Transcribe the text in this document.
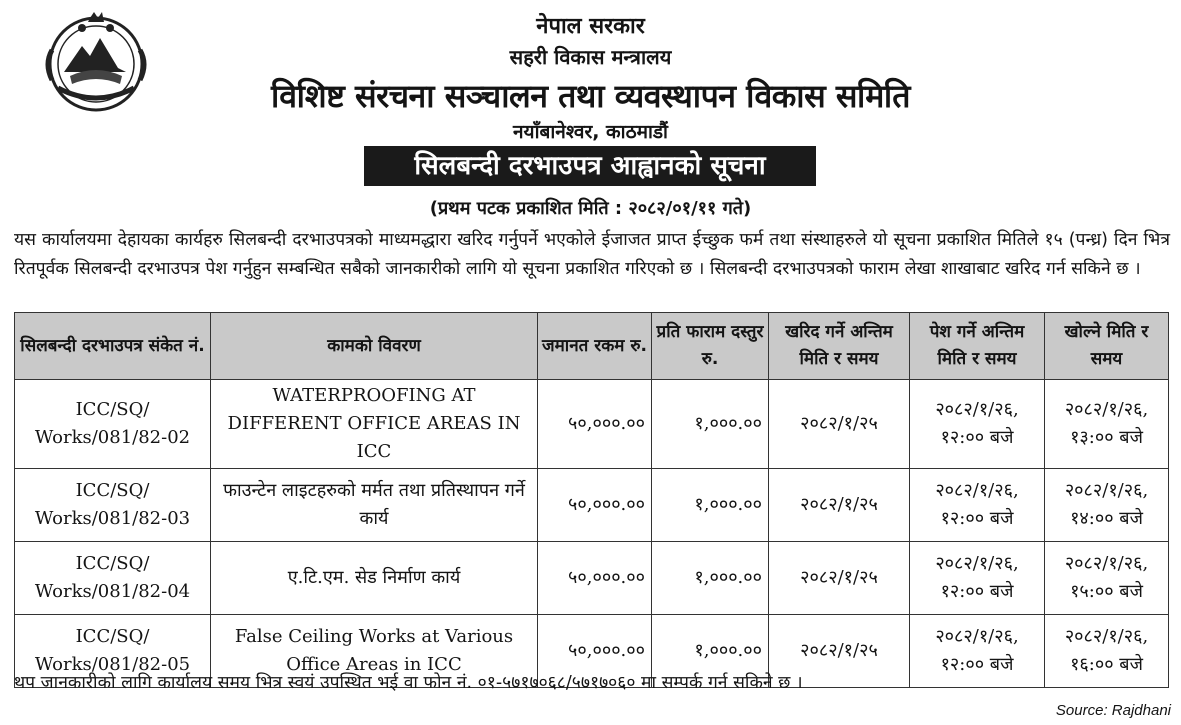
नेपाल सरकार
सहरी विकास मन्त्रालय
विशिष्ट संरचना सञ्चालन तथा व्यवस्थापन विकास समिति
नयाँबानेश्वर, काठमाडौं
सिलबन्दी दरभाउपत्र आह्वानको सूचना
(प्रथम पटक प्रकाशित मिति : २०८२/०१/११ गते)
यस कार्यालयमा देहायका कार्यहरु सिलबन्दी दरभाउपत्रको माध्यमद्धारा खरिद गर्नुपर्ने भएकोले ईजाजत प्राप्त ईच्छुक फर्म तथा संस्थाहरुले यो सूचना प्रकाशित मितिले १५ (पन्ध्र) दिन भित्र रितपूर्वक सिलबन्दी दरभाउपत्र पेश गर्नुहुन सम्बन्धित सबैको जानकारीको लागि यो सूचना प्रकाशित गरिएको छ । सिलबन्दी दरभाउपत्रको फाराम लेखा शाखाबाट खरिद गर्न सकिने छ ।
सिलबन्दी दरभाउपत्र संकेत नं.	कामको विवरण	जमानत रकम रु.	प्रति फाराम दस्तुर रु.	खरिद गर्ने अन्तिम मिति र समय	पेश गर्ने अन्तिम मिति र समय	खोल्ने मिति र समय
ICC/SQ/ Works/081/82-02	WATERPROOFING AT DIFFERENT OFFICE AREAS IN ICC	५०,०००.००	१,०००.००	२०८२/१/२५	२०८२/१/२६, १२:०० बजे	२०८२/१/२६, १३:०० बजे
ICC/SQ/ Works/081/82-03	फाउन्टेन लाइटहरुको मर्मत तथा प्रतिस्थापन गर्ने कार्य	५०,०००.००	१,०००.००	२०८२/१/२५	२०८२/१/२६, १२:०० बजे	२०८२/१/२६, १४:०० बजे
ICC/SQ/ Works/081/82-04	ए.टि.एम. सेड निर्माण कार्य	५०,०००.००	१,०००.००	२०८२/१/२५	२०८२/१/२६, १२:०० बजे	२०८२/१/२६, १५:०० बजे
ICC/SQ/ Works/081/82-05	False Ceiling Works at Various Office Areas in ICC	५०,०००.००	१,०००.००	२०८२/१/२५	२०८२/१/२६, १२:०० बजे	२०८२/१/२६, १६:०० बजे
थप जानकारीको लागि कार्यालय समय भित्र स्वयं उपस्थित भई वा फोन नं. ०१-५७१७०६८/५७१७०६० मा सम्पर्क गर्न सकिने छ ।
Source: Rajdhani
